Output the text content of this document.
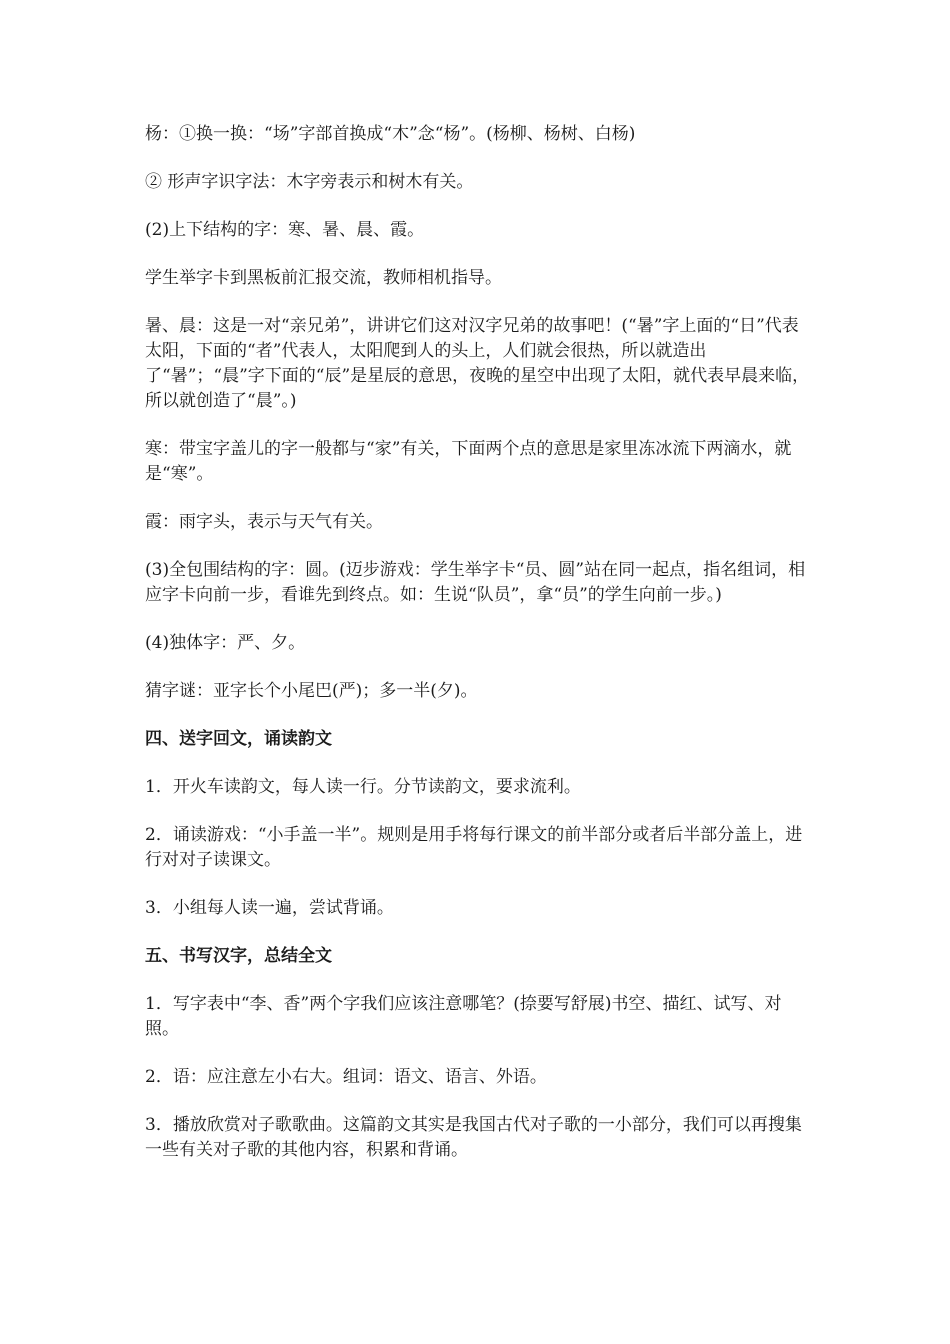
杨：①换一换：“场”字部首换成“木”念“杨”。(杨柳、杨树、白杨)

② 形声字识字法：木字旁表示和树木有关。

(2)上下结构的字：寒、暑、晨、霞。

学生举字卡到黑板前汇报交流，教师相机指导。

暑、晨：这是一对“亲兄弟”，讲讲它们这对汉字兄弟的故事吧！(“暑”字上面的“日”代表太阳，下面的“者”代表人，太阳爬到人的头上，人们就会很热，所以就造出了“暑”；“晨”字下面的“辰”是星辰的意思，夜晚的星空中出现了太阳，就代表早晨来临，所以就创造了“晨”。)

寒：带宝字盖儿的字一般都与“家”有关，下面两个点的意思是家里冻冰流下两滴水，就是“寒”。

霞：雨字头，表示与天气有关。

(3)全包围结构的字：圆。(迈步游戏：学生举字卡“员、圆”站在同一起点，指名组词，相应字卡向前一步，看谁先到终点。如：生说“队员”，拿“员”的学生向前一步。)

(4)独体字：严、夕。

猜字谜：亚字长个小尾巴(严)；多一半(夕)。

四、送字回文，诵读韵文

1．开火车读韵文，每人读一行。分节读韵文，要求流利。

2．诵读游戏：“小手盖一半”。规则是用手将每行课文的前半部分或者后半部分盖上，进行对对子读课文。

3．小组每人读一遍，尝试背诵。

五、书写汉字，总结全文

1．写字表中“李、香”两个字我们应该注意哪笔？(捺要写舒展)书空、描红、试写、对照。

2．语：应注意左小右大。组词：语文、语言、外语。

3．播放欣赏对子歌歌曲。这篇韵文其实是我国古代对子歌的一小部分，我们可以再搜集一些有关对子歌的其他内容，积累和背诵。
